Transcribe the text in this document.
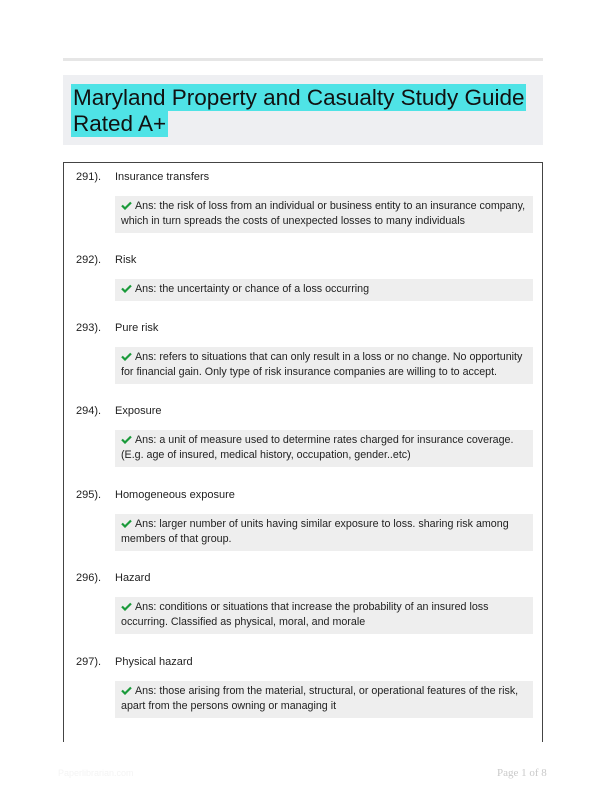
Maryland Property and Casualty Study Guide Rated A+
291). Insurance transfers
Ans: the risk of loss from an individual or business entity to an insurance company, which in turn spreads the costs of unexpected losses to many individuals
292). Risk
Ans: the uncertainty or chance of a loss occurring
293). Pure risk
Ans: refers to situations that can only result in a loss or no change. No opportunity for financial gain. Only type of risk insurance companies are willing to to accept.
294). Exposure
Ans: a unit of measure used to determine rates charged for insurance coverage. (E.g. age of insured, medical history, occupation, gender..etc)
295). Homogeneous exposure
Ans: larger number of units having similar exposure to loss. sharing risk among members of that group.
296). Hazard
Ans: conditions or situations that increase the probability of an insured loss occurring. Classified as physical, moral, and morale
297). Physical hazard
Ans: those arising from the material, structural, or operational features of the risk, apart from the persons owning or managing it
Paperlibrarian.com	Page 1 of 8
